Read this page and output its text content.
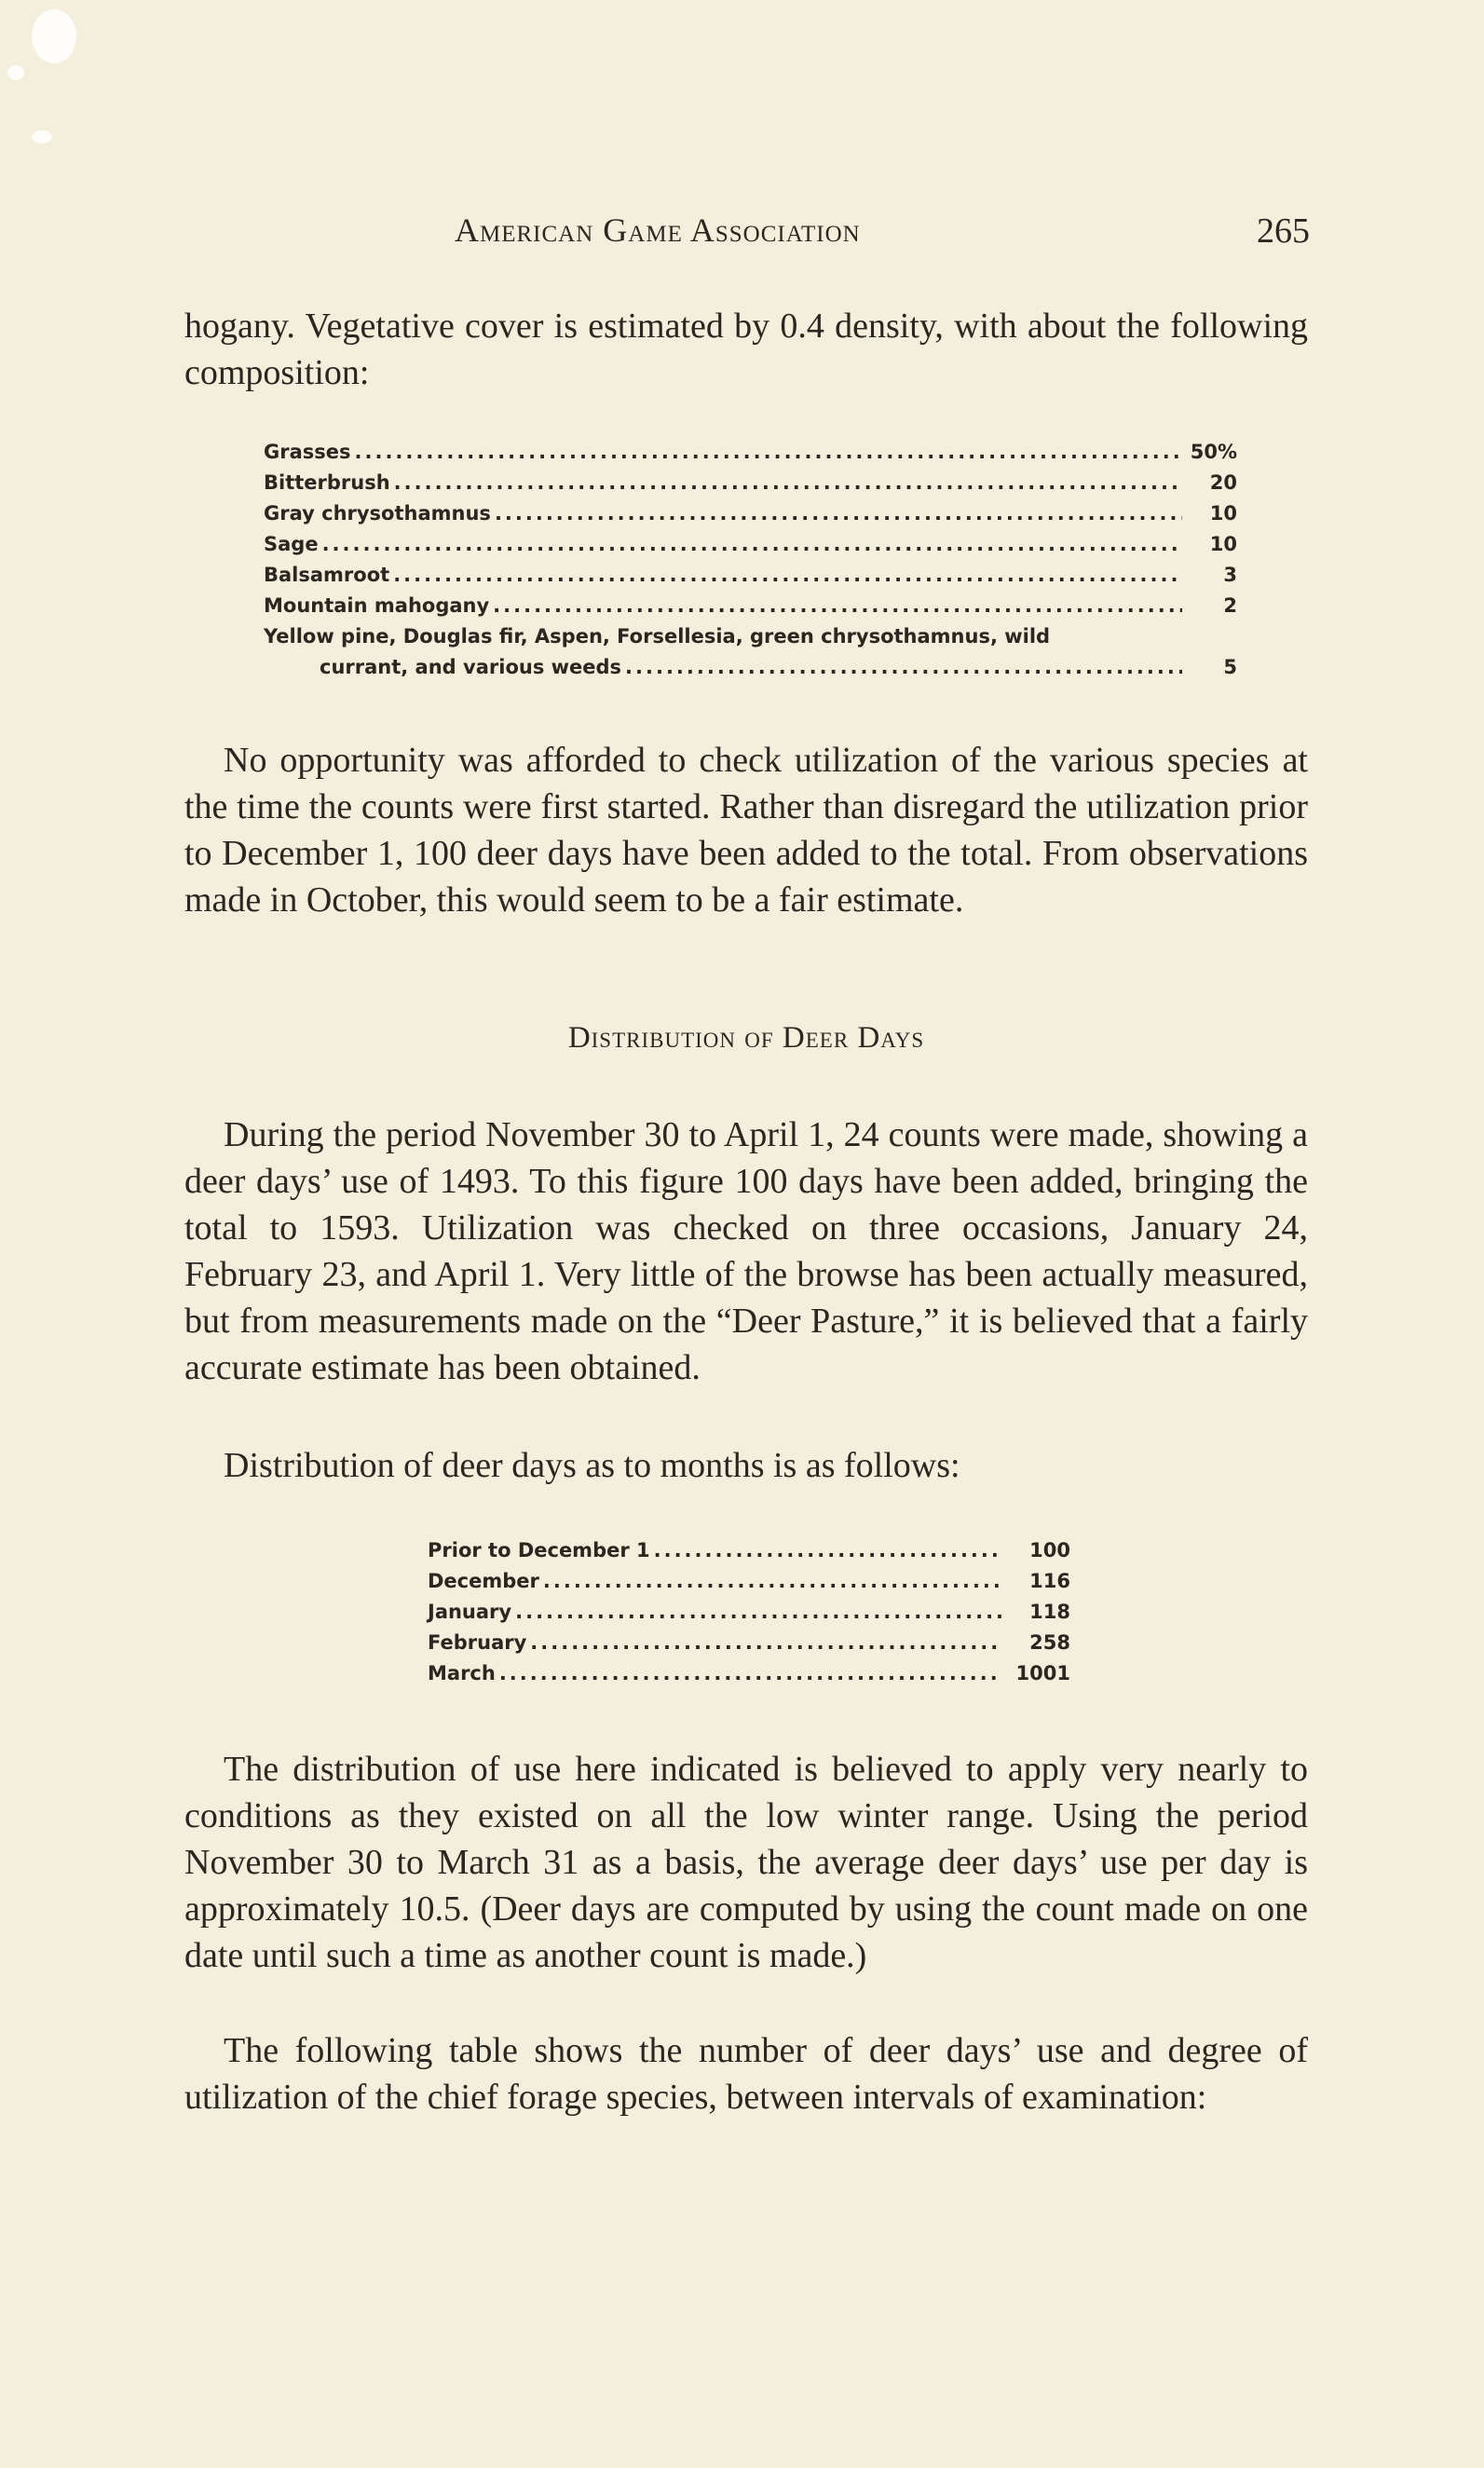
American Game Association	265

hogany. Vegetative cover is estimated by 0.4 density, with about the following composition:

Grasses .....	50%
Bitterbrush .....	20
Gray chrysothamnus .....	10
Sage .....	10
Balsamroot .....	3
Mountain mahogany .....	2
Yellow pine, Douglas fir, Aspen, Forsellesia, green chrysothamnus, wild
currant, and various weeds .....	5

No opportunity was afforded to check utilization of the various species at the time the counts were first started. Rather than disregard the utilization prior to December 1, 100 deer days have been added to the total. From observations made in October, this would seem to be a fair estimate.

Distribution of Deer Days

During the period November 30 to April 1, 24 counts were made, showing a deer days’ use of 1493. To this figure 100 days have been added, bringing the total to 1593. Utilization was checked on three occasions, January 24, February 23, and April 1. Very little of the browse has been actually measured, but from measurements made on the “Deer Pasture,” it is believed that a fairly accurate estimate has been obtained.

Distribution of deer days as to months is as follows:

Prior to December 1 .....	100
December .....	116
January .....	118
February .....	258
March .....	1001

The distribution of use here indicated is believed to apply very nearly to conditions as they existed on all the low winter range. Using the period November 30 to March 31 as a basis, the average deer days’ use per day is approximately 10.5. (Deer days are computed by using the count made on one date until such a time as another count is made.)

The following table shows the number of deer days’ use and degree of utilization of the chief forage species, between intervals of examination:
